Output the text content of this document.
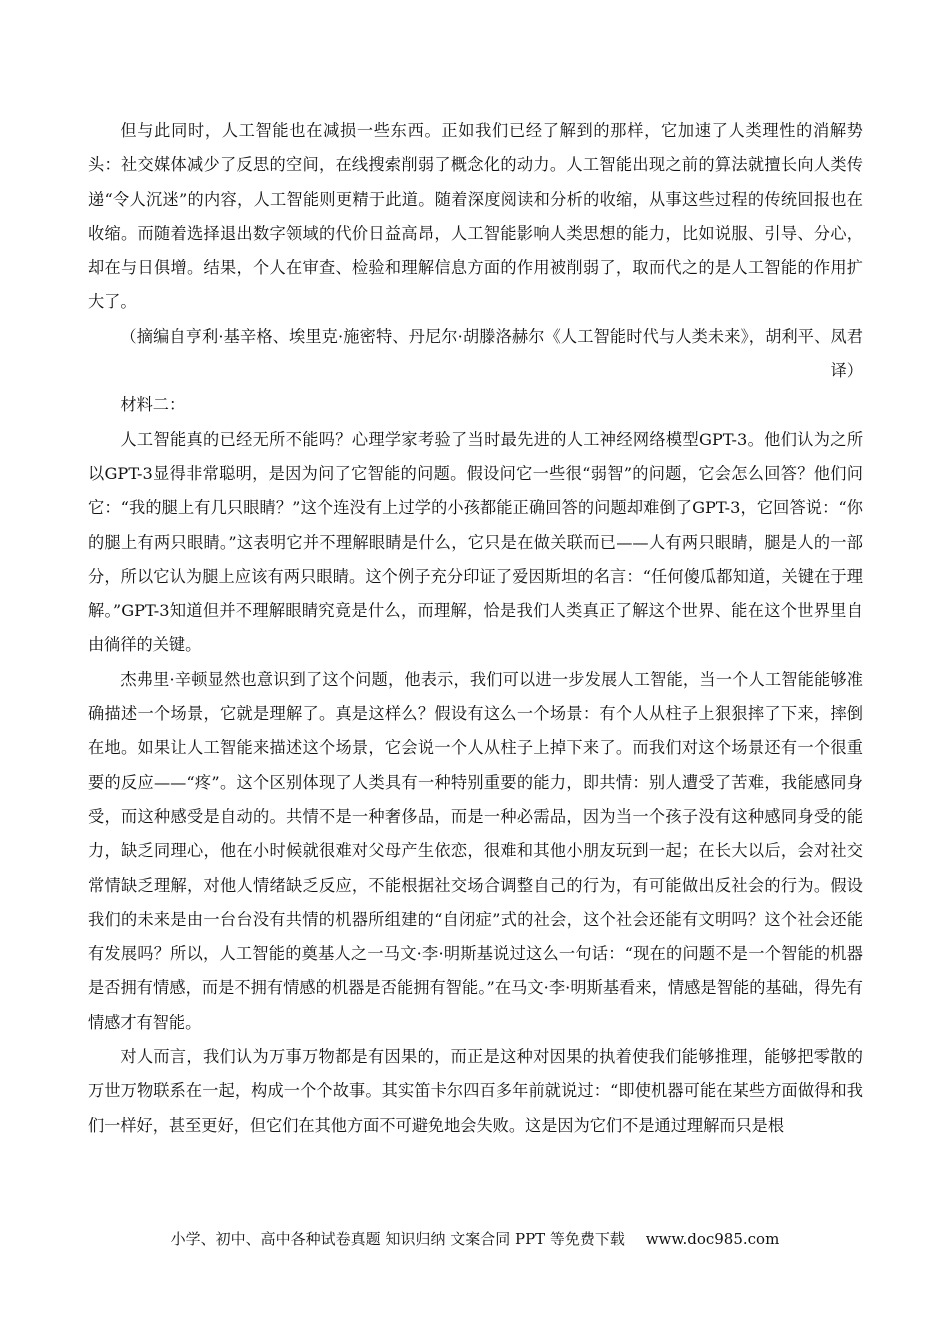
但与此同时，人工智能也在减损一些东西。正如我们已经了解到的那样，它加速了人类理性的消解势头：社交媒体减少了反思的空间，在线搜索削弱了概念化的动力。人工智能出现之前的算法就擅长向人类传递“令人沉迷”的内容，人工智能则更精于此道。随着深度阅读和分析的收缩，从事这些过程的传统回报也在收缩。而随着选择退出数字领域的代价日益高昂，人工智能影响人类思想的能力，比如说服、引导、分心，却在与日俱增。结果，个人在审查、检验和理解信息方面的作用被削弱了，取而代之的是人工智能的作用扩大了。

（摘编自亨利·基辛格、埃里克·施密特、丹尼尔·胡滕洛赫尔《人工智能时代与人类未来》，胡利平、凤君译）

材料二：

人工智能真的已经无所不能吗？心理学家考验了当时最先进的人工神经网络模型GPT-3。他们认为之所以GPT-3显得非常聪明，是因为问了它智能的问题。假设问它一些很“弱智”的问题，它会怎么回答？他们问它：“我的腿上有几只眼睛？”这个连没有上过学的小孩都能正确回答的问题却难倒了GPT-3，它回答说：“你的腿上有两只眼睛。”这表明它并不理解眼睛是什么，它只是在做关联而已——人有两只眼睛，腿是人的一部分，所以它认为腿上应该有两只眼睛。这个例子充分印证了爱因斯坦的名言：“任何傻瓜都知道，关键在于理解。”GPT-3知道但并不理解眼睛究竟是什么，而理解，恰是我们人类真正了解这个世界、能在这个世界里自由徜徉的关键。

杰弗里·辛顿显然也意识到了这个问题，他表示，我们可以进一步发展人工智能，当一个人工智能能够准确描述一个场景，它就是理解了。真是这样么？假设有这么一个场景：有个人从柱子上狠狠摔了下来，摔倒在地。如果让人工智能来描述这个场景，它会说一个人从柱子上掉下来了。而我们对这个场景还有一个很重要的反应——“疼”。这个区别体现了人类具有一种特别重要的能力，即共情：别人遭受了苦难，我能感同身受，而这种感受是自动的。共情不是一种奢侈品，而是一种必需品，因为当一个孩子没有这种感同身受的能力，缺乏同理心，他在小时候就很难对父母产生依恋，很难和其他小朋友玩到一起；在长大以后，会对社交常情缺乏理解，对他人情绪缺乏反应，不能根据社交场合调整自己的行为，有可能做出反社会的行为。假设我们的未来是由一台台没有共情的机器所组建的“自闭症”式的社会，这个社会还能有文明吗？这个社会还能有发展吗？所以，人工智能的奠基人之一马文·李·明斯基说过这么一句话：“现在的问题不是一个智能的机器是否拥有情感，而是不拥有情感的机器是否能拥有智能。”在马文·李·明斯基看来，情感是智能的基础，得先有情感才有智能。

对人而言，我们认为万事万物都是有因果的，而正是这种对因果的执着使我们能够推理，能够把零散的万世万物联系在一起，构成一个个故事。其实笛卡尔四百多年前就说过：“即使机器可能在某些方面做得和我们一样好，甚至更好，但它们在其他方面不可避免地会失败。这是因为它们不是通过理解而只是根

小学、初中、高中各种试卷真题 知识归纳 文案合同 PPT 等免费下载 www.doc985.com
